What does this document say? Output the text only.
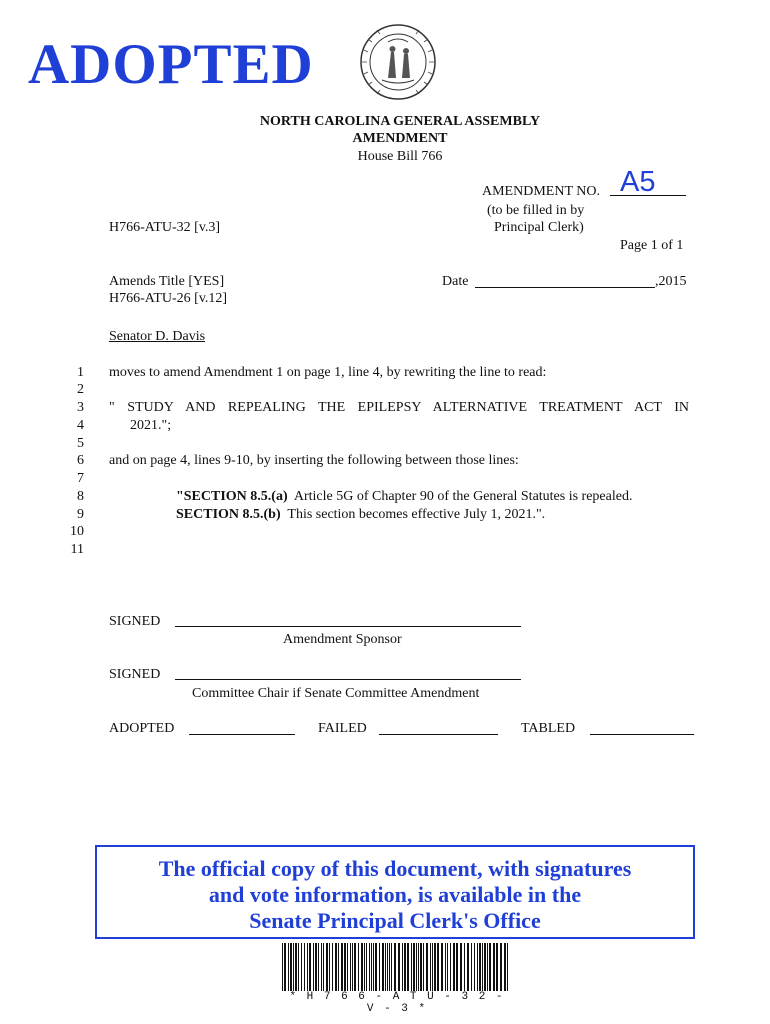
ADOPTED
NORTH CAROLINA GENERAL ASSEMBLY
AMENDMENT
House Bill 766
AMENDMENT NO. A5
(to be filled in by
Principal Clerk)
Page 1 of 1
H766-ATU-32 [v.3]
Amends Title [YES]
H766-ATU-26 [v.12]
Date	,2015
Senator D. Davis
1
2
3
4
5
6
7
8
9
10
11
moves to amend Amendment 1 on page 1, line 4, by rewriting the line to read:
" STUDY AND REPEALING THE EPILEPSY ALTERNATIVE TREATMENT ACT IN
2021.";
and on page 4, lines 9-10, by inserting the following between those lines:
"SECTION 8.5.(a) Article 5G of Chapter 90 of the General Statutes is repealed.
SECTION 8.5.(b) This section becomes effective July 1, 2021.".
SIGNED
Amendment Sponsor
SIGNED
Committee Chair if Senate Committee Amendment
ADOPTED	FAILED	TABLED
The official copy of this document, with signatures
and vote information, is available in the
Senate Principal Clerk's Office
* H 7 6 6 - A T U - 3 2 - V - 3 *
